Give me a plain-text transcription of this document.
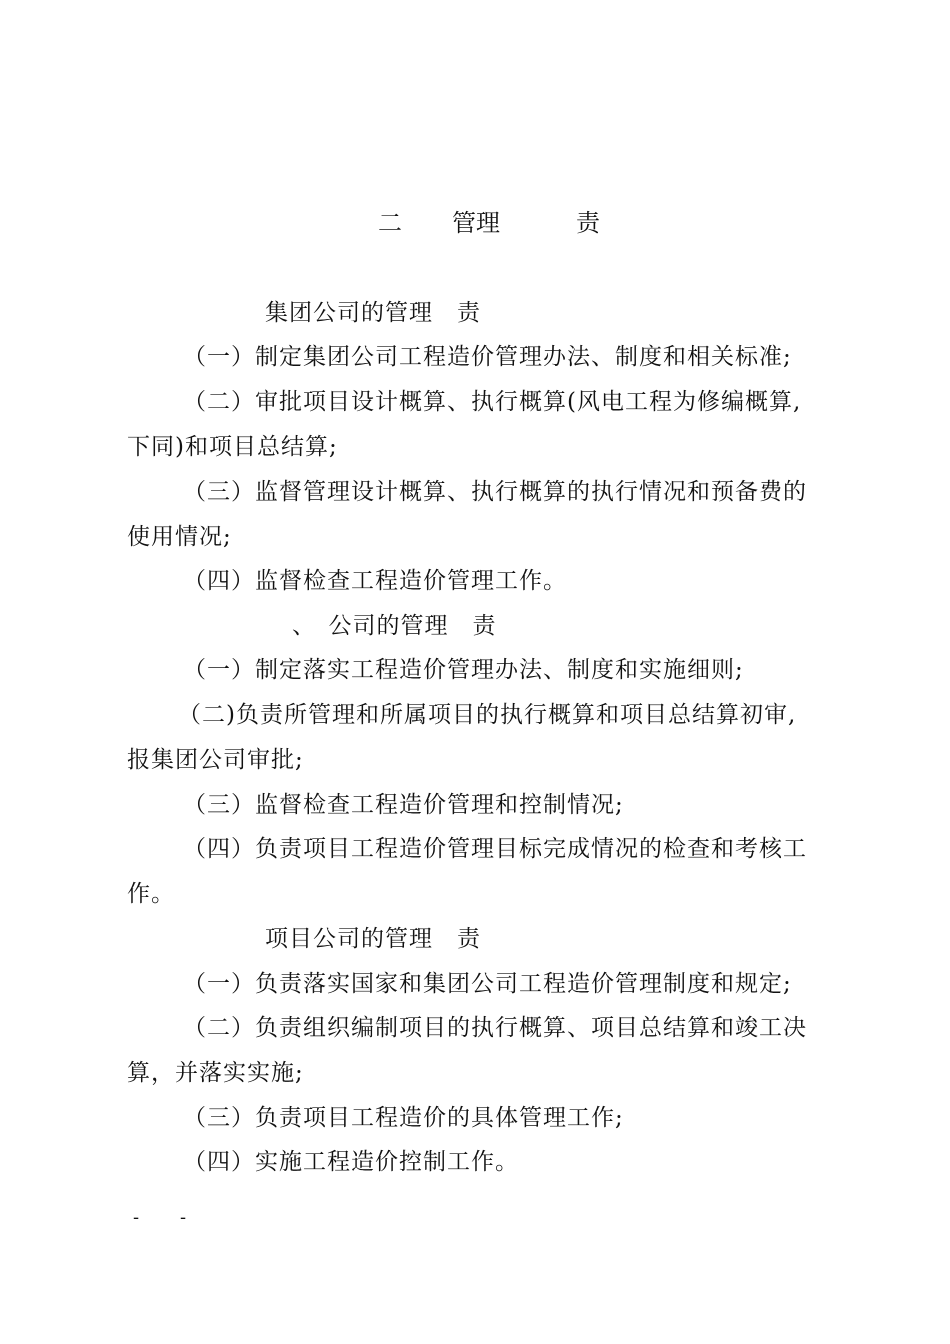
二 管理	责
集团公司的管理　责
（一）制定集团公司工程造价管理办法、制度和相关标准;
（二）审批项目设计概算、执行概算(风电工程为修编概算,
下同)和项目总结算;
（三）监督管理设计概算、执行概算的执行情况和预备费的
使用情况;
（四）监督检查工程造价管理工作。
、　公司的管理　责
（一）制定落实工程造价管理办法、制度和实施细则;
（二)负责所管理和所属项目的执行概算和项目总结算初审,
报集团公司审批;
（三）监督检查工程造价管理和控制情况;
（四）负责项目工程造价管理目标完成情况的检查和考核工
作。
项目公司的管理　责
（一）负责落实国家和集团公司工程造价管理制度和规定;
（二）负责组织编制项目的执行概算、项目总结算和竣工决
算，并落实实施;
（三）负责项目工程造价的具体管理工作;
（四）实施工程造价控制工作。
- -
